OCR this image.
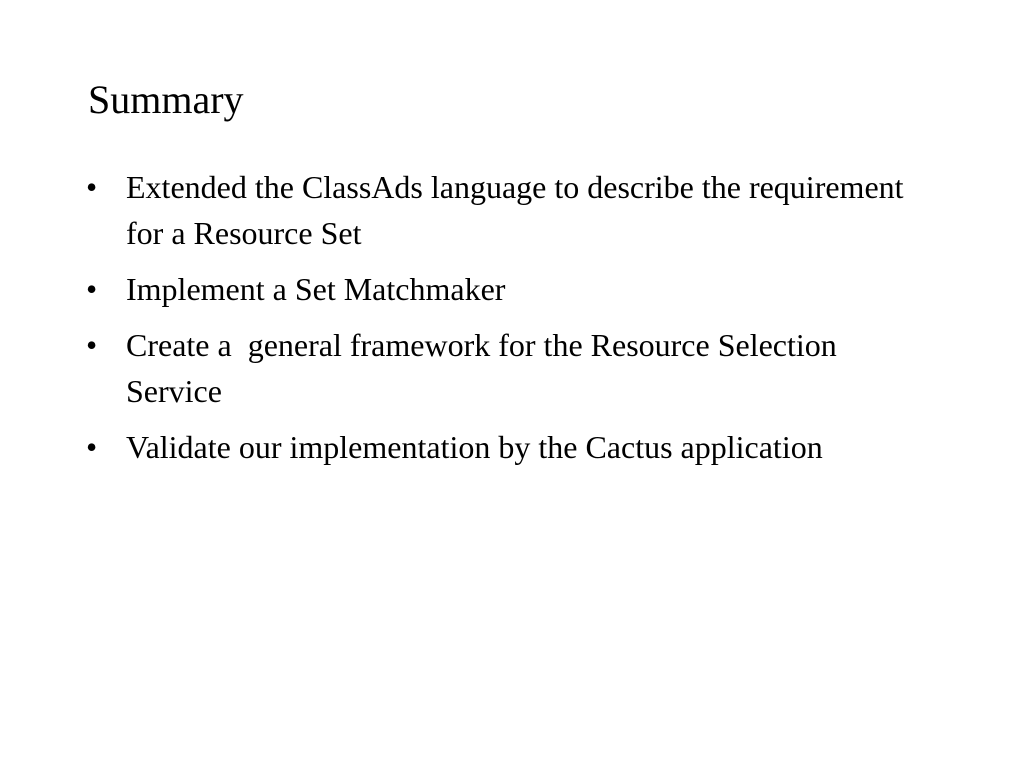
Summary
• Extended the ClassAds language to describe the requirement for a Resource Set
• Implement a Set Matchmaker
• Create a  general framework for the Resource Selection Service
• Validate our implementation by the Cactus application
